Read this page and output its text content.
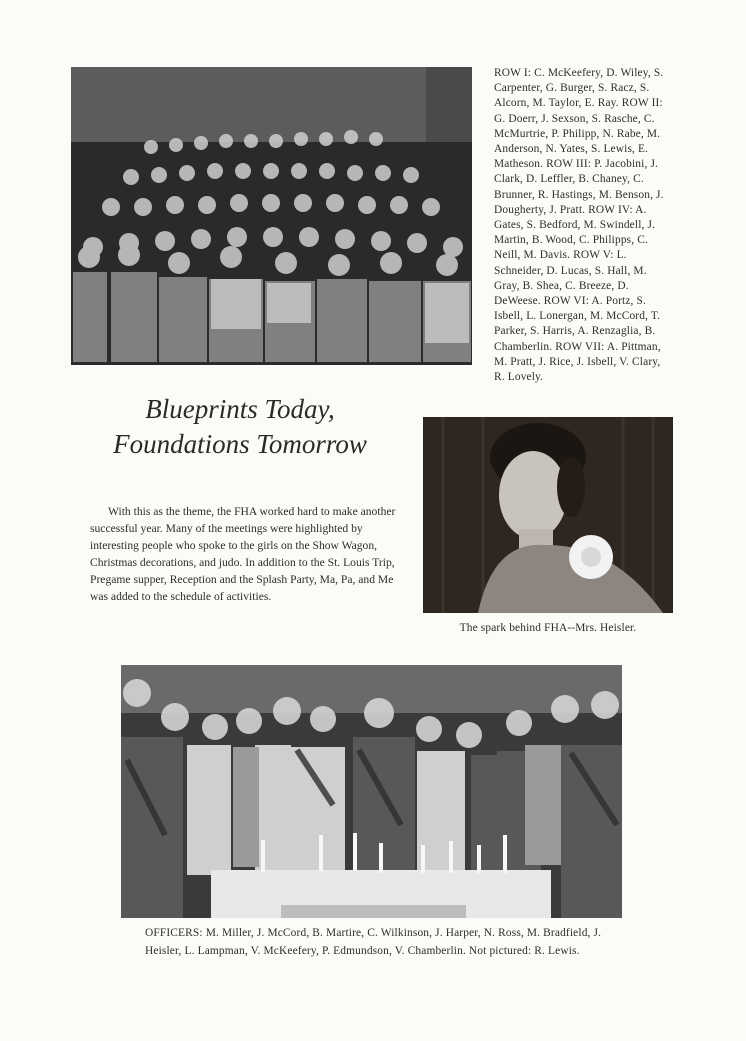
ROW I: C. McKeefery, D. Wiley, S. Carpenter, G. Burger, S. Racz, S. Alcorn, M. Taylor, E. Ray. ROW II: G. Doerr, J. Sexson, S. Rasche, C. McMurtrie, P. Philipp, N. Rabe, M. Anderson, N. Yates, S. Lewis, E. Matheson. ROW III: P. Jacobini, J. Clark, D. Leffler, B. Chaney, C. Brunner, R. Hastings, M. Benson, J. Dougherty, J. Pratt. ROW IV: A. Gates, S. Bedford, M. Swindell, J. Martin, B. Wood, C. Philipps, C. Neill, M. Davis. ROW V: L. Schneider, D. Lucas, S. Hall, M. Gray, B. Shea, C. Breeze, D. DeWeese. ROW VI: A. Portz, S. Isbell, L. Lonergan, M. McCord, T. Parker, S. Harris, A. Renzaglia, B. Chamberlin. ROW VII: A. Pittman, M. Pratt, J. Rice, J. Isbell, V. Clary, R. Lovely.

Blueprints Today,
Foundations Tomorrow

With this as the theme, the FHA worked hard to make another successful year. Many of the meetings were highlighted by interesting people who spoke to the girls on the Show Wagon, Christmas decorations, and judo. In addition to the St. Louis Trip, Pregame supper, Reception and the Splash Party, Ma, Pa, and Me was added to the schedule of activities.

The spark behind FHA--Mrs. Heisler.

OFFICERS: M. Miller, J. McCord, B. Martire, C. Wilkinson, J. Harper, N. Ross, M. Bradfield, J. Heisler, L. Lampman, V. McKeefery, P. Edmundson, V. Chamberlin. Not pictured: R. Lewis.
